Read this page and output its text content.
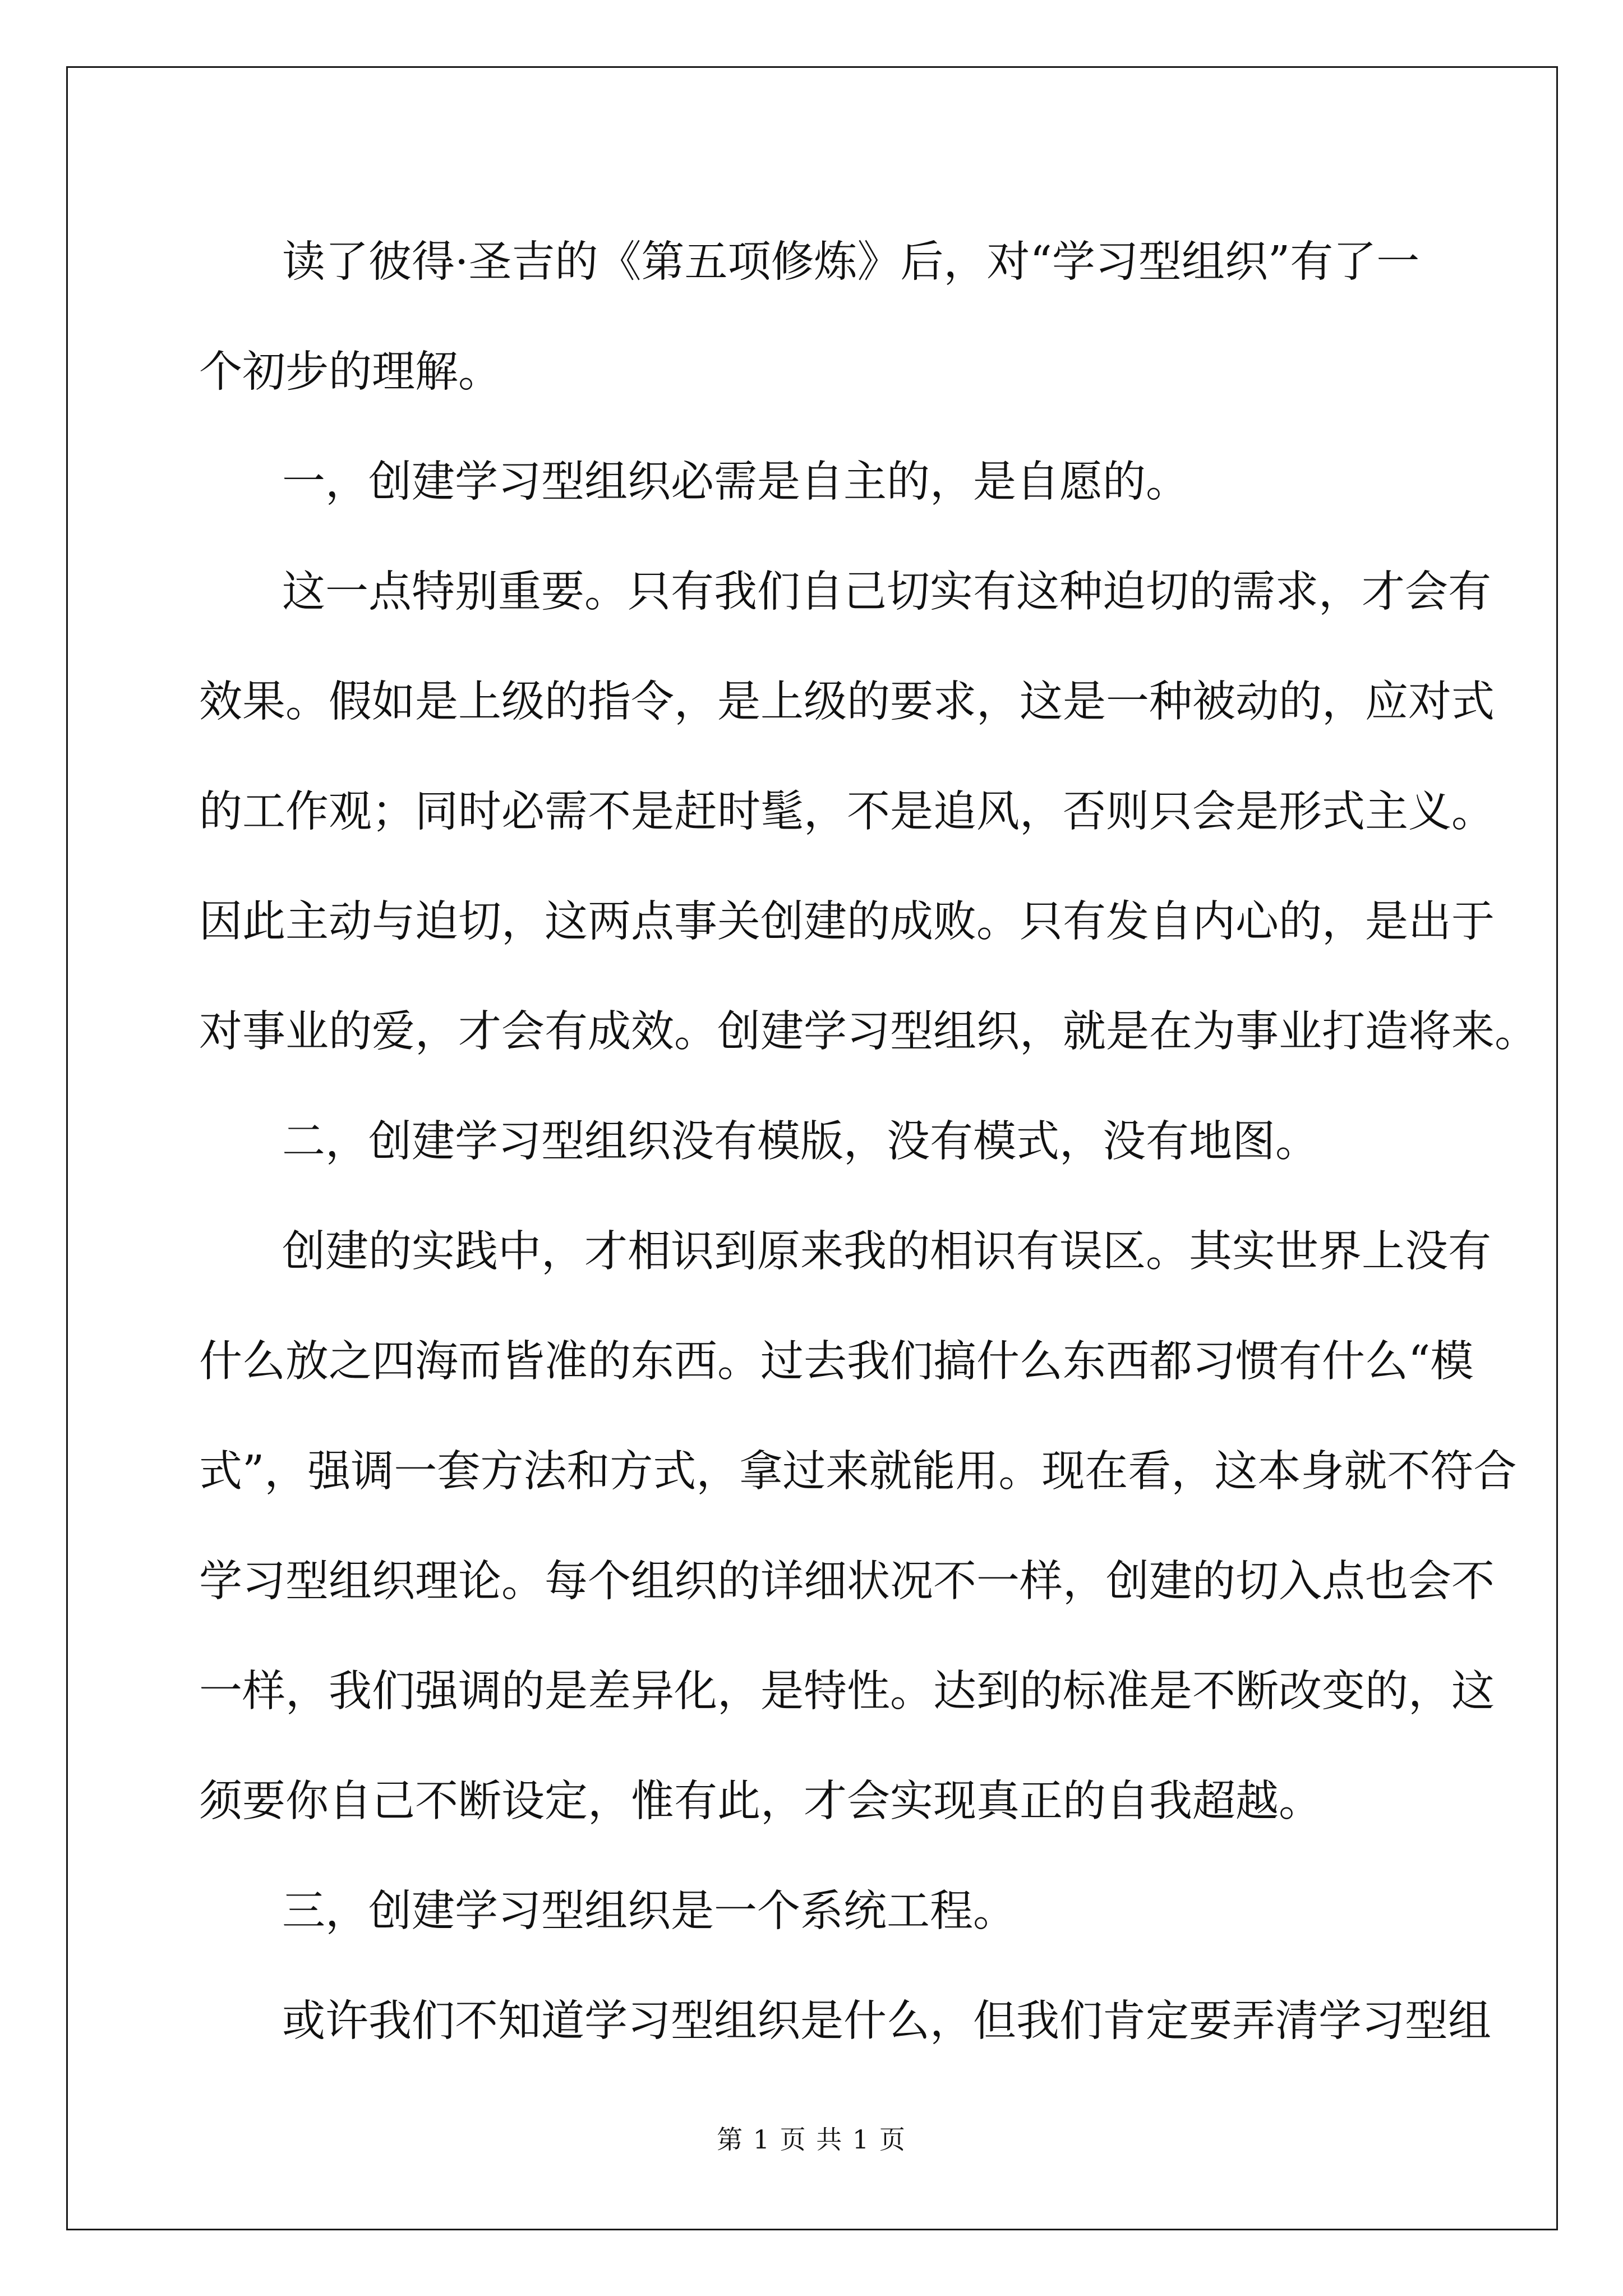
读了彼得·圣吉的《第五项修炼》后，对“学习型组织”有了一
个初步的理解。
一，创建学习型组织必需是自主的，是自愿的。
这一点特别重要。只有我们自己切实有这种迫切的需求，才会有
效果。假如是上级的指令，是上级的要求，这是一种被动的，应对式
的工作观；同时必需不是赶时髦，不是追风，否则只会是形式主义。
因此主动与迫切，这两点事关创建的成败。只有发自内心的，是出于
对事业的爱，才会有成效。创建学习型组织，就是在为事业打造将来。
二，创建学习型组织没有模版，没有模式，没有地图。
创建的实践中，才相识到原来我的相识有误区。其实世界上没有
什么放之四海而皆准的东西。过去我们搞什么东西都习惯有什么“模
式”，强调一套方法和方式，拿过来就能用。现在看，这本身就不符合
学习型组织理论。每个组织的详细状况不一样，创建的切入点也会不
一样，我们强调的是差异化，是特性。达到的标准是不断改变的，这
须要你自己不断设定，惟有此，才会实现真正的自我超越。
三，创建学习型组织是一个系统工程。
或许我们不知道学习型组织是什么，但我们肯定要弄清学习型组
第 1 页 共 1 页
